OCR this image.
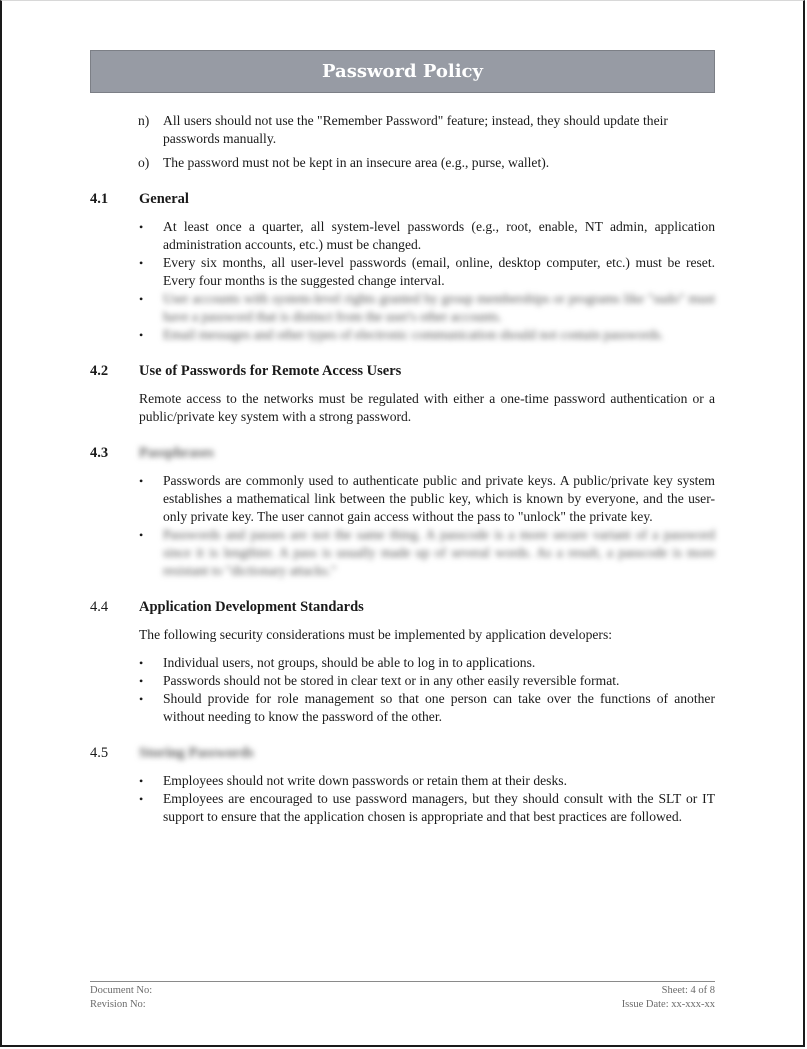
Password Policy
n)	All users should not use the "Remember Password" feature; instead, they should update their passwords manually.
o)	The password must not be kept in an insecure area (e.g., purse, wallet).
4.1	General
•	At least once a quarter, all system-level passwords (e.g., root, enable, NT admin, application administration accounts, etc.) must be changed.
•	Every six months, all user-level passwords (email, online, desktop computer, etc.) must be reset. Every four months is the suggested change interval.
•	User accounts with system-level rights granted by group memberships or programs like "sudo" must have a password that is distinct from the user's other accounts.
•	Email messages and other types of electronic communication should not contain passwords.
4.2	Use of Passwords for Remote Access Users
Remote access to the networks must be regulated with either a one-time password authentication or a public/private key system with a strong password.
4.3	Passphrases
•	Passwords are commonly used to authenticate public and private keys. A public/private key system establishes a mathematical link between the public key, which is known by everyone, and the user-only private key. The user cannot gain access without the pass to "unlock" the private key.
•	Passwords and passes are not the same thing. A passcode is a more secure variant of a password since it is lengthier. A pass is usually made up of several words. As a result, a passcode is more resistant to "dictionary attacks."
4.4	Application Development Standards
The following security considerations must be implemented by application developers:
•	Individual users, not groups, should be able to log in to applications.
•	Passwords should not be stored in clear text or in any other easily reversible format.
•	Should provide for role management so that one person can take over the functions of another without needing to know the password of the other.
4.5	Storing Passwords
•	Employees should not write down passwords or retain them at their desks.
•	Employees are encouraged to use password managers, but they should consult with the SLT or IT support to ensure that the application chosen is appropriate and that best practices are followed.
Document No:
Revision No:
Sheet: 4 of 8
Issue Date: xx-xxx-xx
